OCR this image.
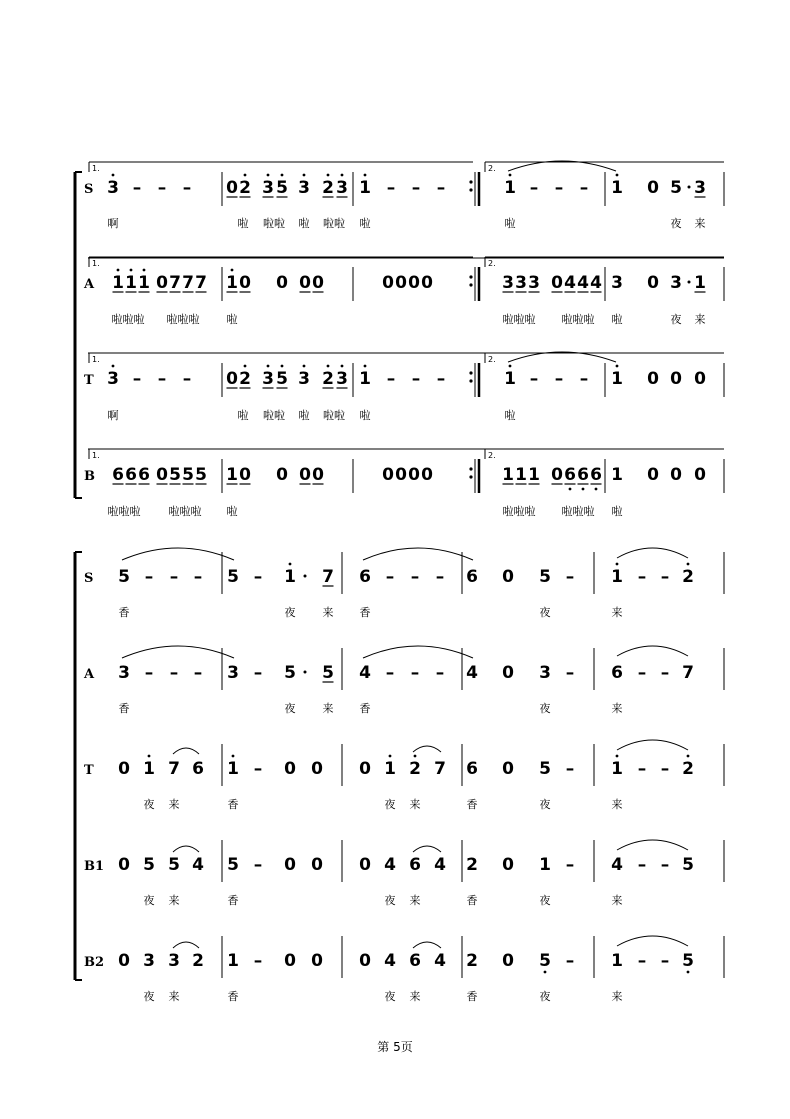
3 – – – 0 2 3 5 3 2 3 1 – – –	1 – – – 1 0 5 3
1 1 1 0 7 7 7 1 0 0 0 0	0 0 0 0	3 3 3 0 4 4 4 3 0 3 1
3 – – – 0 2 3 5 3 2 3 1 – – –	1 – – – 1 0 0 0
6 6 6 0 5 5 5 1 0 0 0 0	0 0 0 0	1 1 1 0 6 6 6 1 0 0 0
5 – – – 5 – 1 7 6 – – – 6 0 5 – 1 – – 2
3 – – – 3 – 5 5 4 – – – 4 0 3 – 6 – – 7
0 1 7 6 1 – 0 0 0 1 2 7 6 0 5 – 1 – – 2
0 5 5 4 5 – 0 0 0 4 6 4 2 0 1 – 4 – – 5
0 3 3 2 1 – 0 0 0 4 6 4 2 0 5 – 1 – – 5
啊	啦 啦啦 啦 啦啦 啦	啦	夜 来
啦啦啦 啦啦啦 啦	啦啦啦 啦啦啦 啦	夜 来
啊	啦 啦啦 啦 啦啦 啦	啦
啦啦啦	啦啦啦 啦	啦啦啦 啦啦啦 啦
香	夜 来 香	夜	来
香	夜 来 香	夜	来
夜 来	香	夜 来	香	夜	来
夜 来	香	夜 来	香	夜	来
夜 来	香	夜 来	香	夜	来
1.	2.
1.	2.
1.	2.
1.	2.
S
A
T
B
S
A
T
B1
B2
第 5页
